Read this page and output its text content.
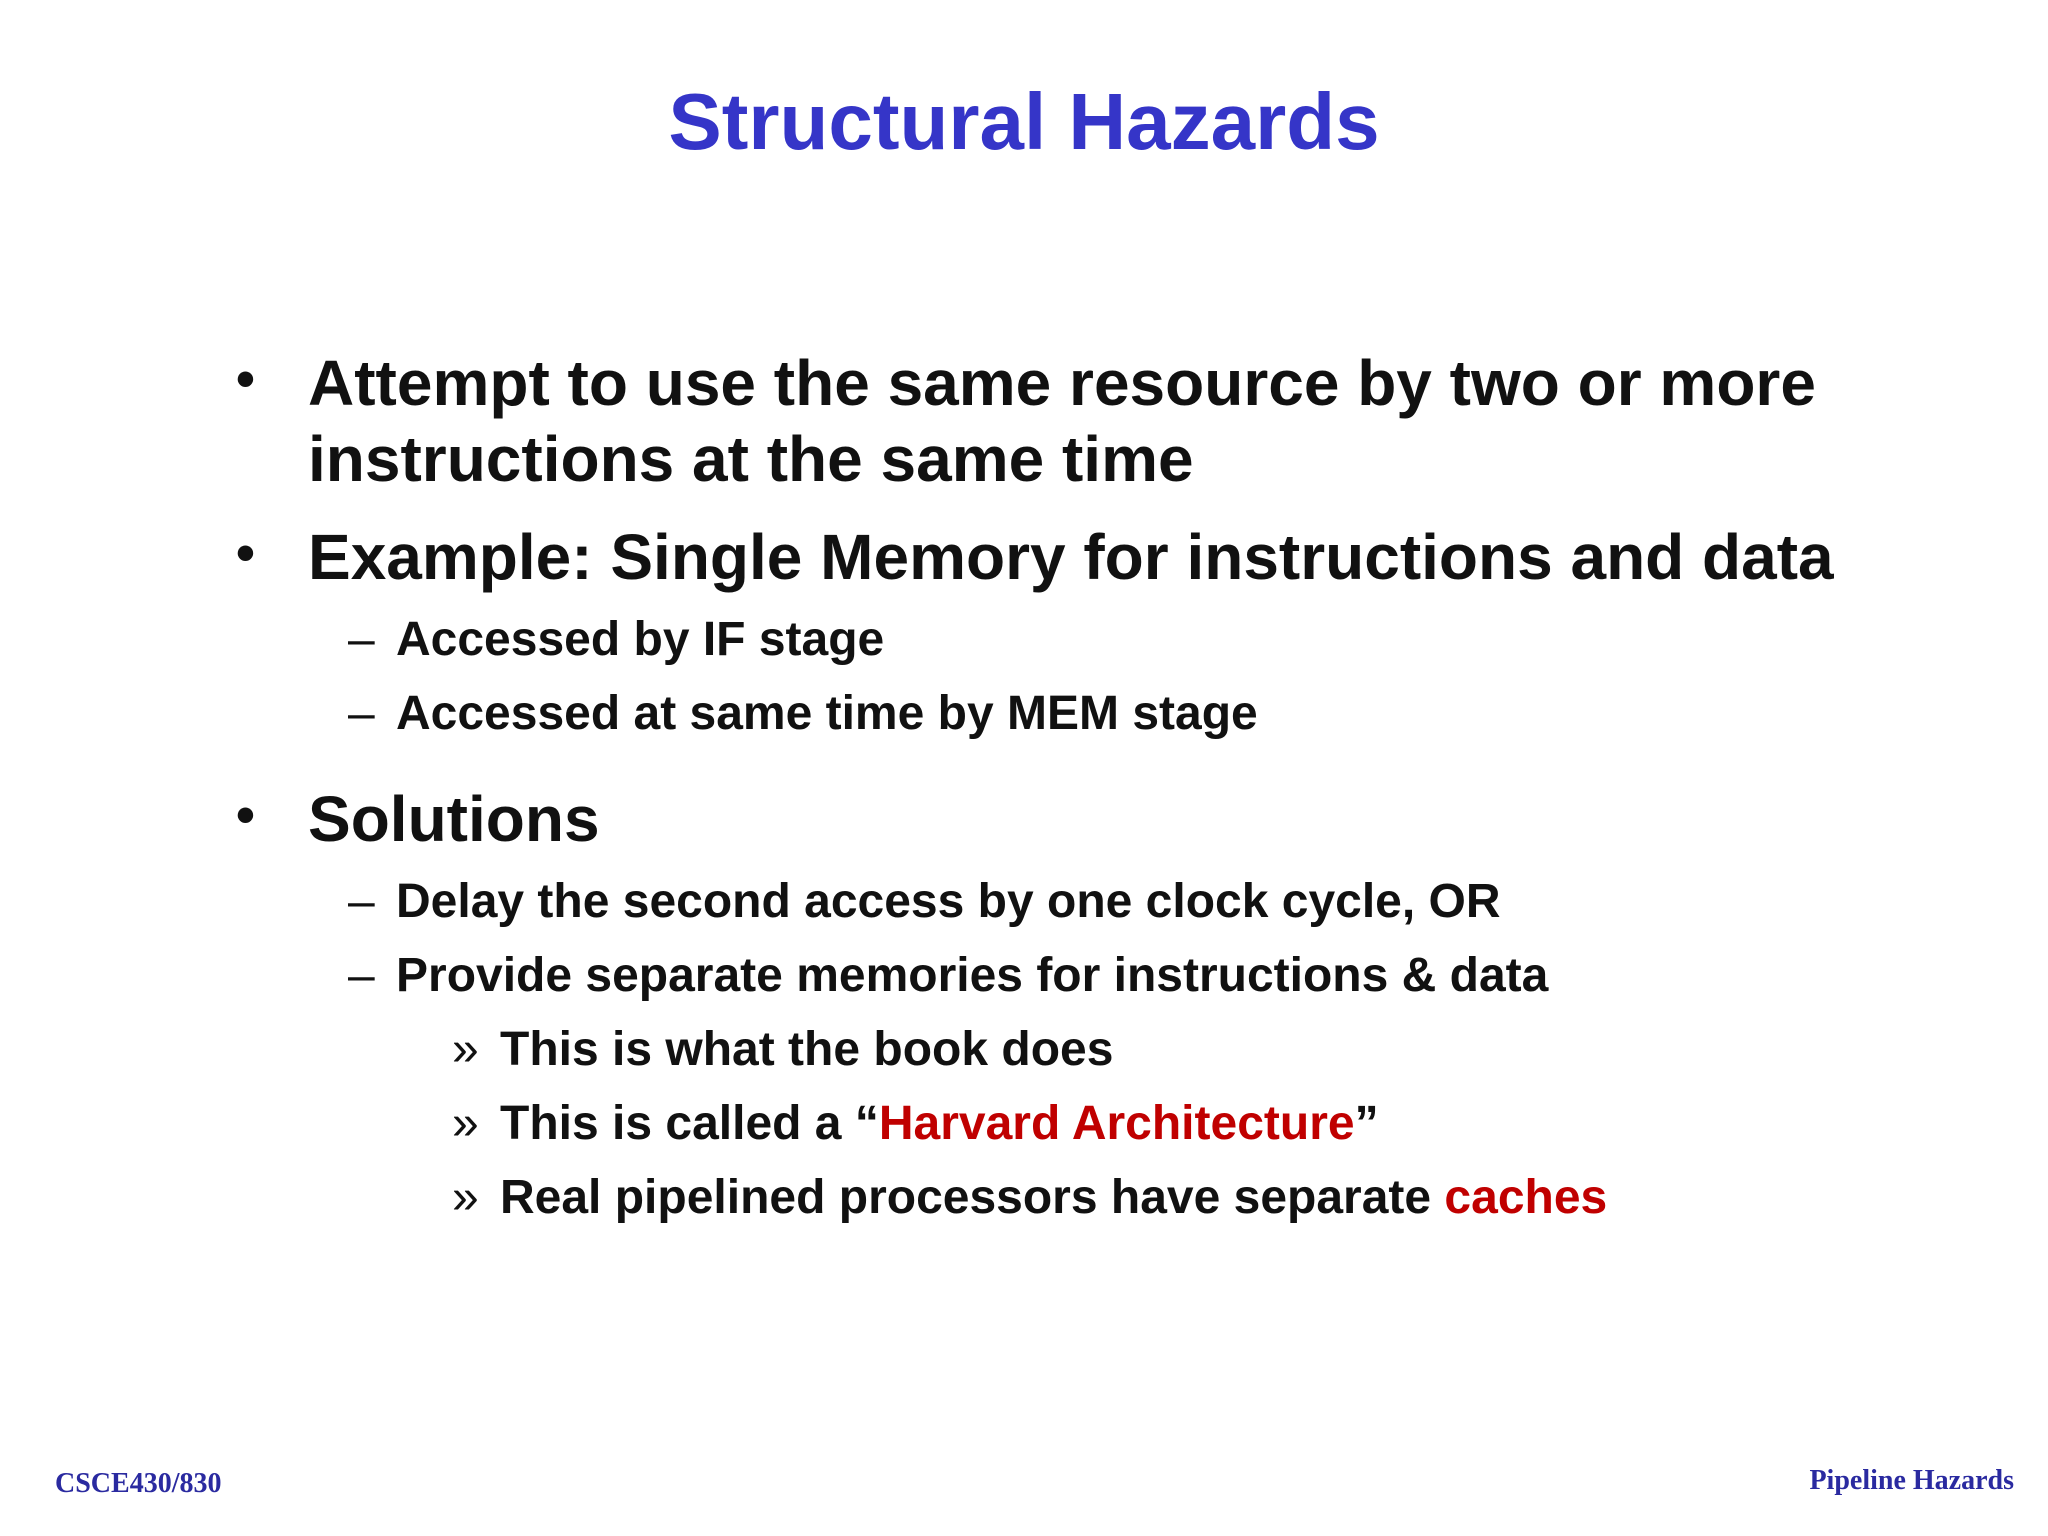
Structural Hazards
• Attempt to use the same resource by two or more instructions at the same time
• Example: Single Memory for instructions and data
– Accessed by IF stage
– Accessed at same time by MEM stage
• Solutions
– Delay the second access by one clock cycle, OR
– Provide separate memories for instructions & data
» This is what the book does
» This is called a “Harvard Architecture”
» Real pipelined processors have separate caches
CSCE430/830	Pipeline Hazards
